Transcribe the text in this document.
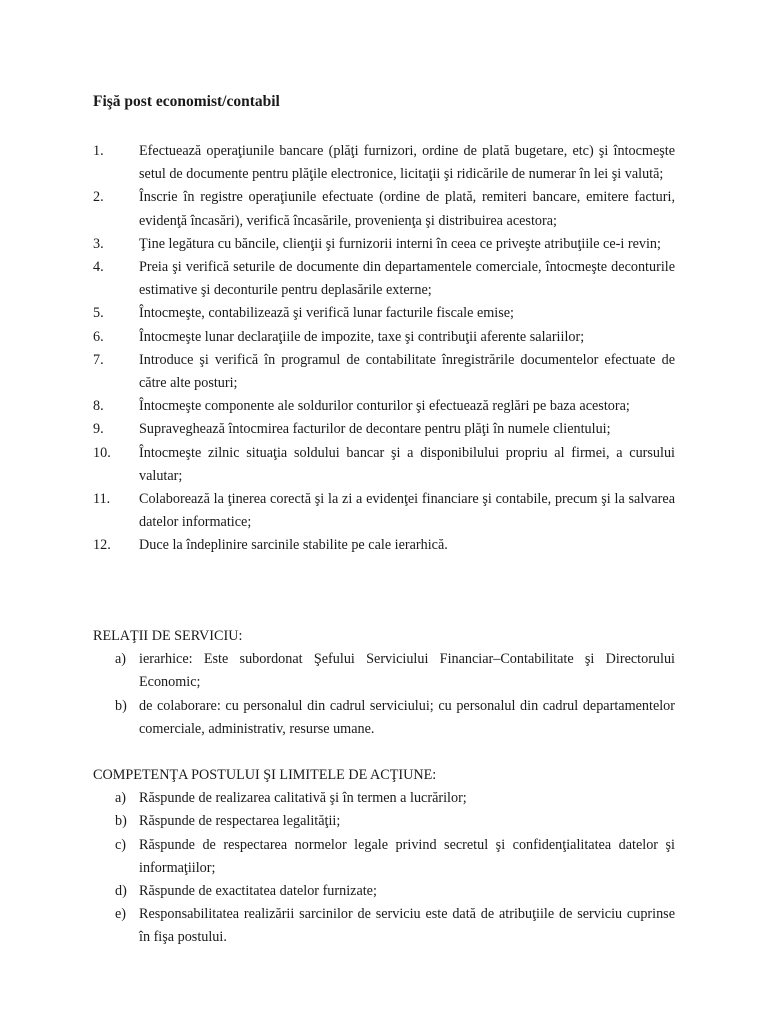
Fişă post economist/contabil
1.	Efectuează operaţiunile bancare (plăţi furnizori, ordine de plată bugetare, etc) şi întocmeşte setul de documente pentru plăţile electronice, licitaţii şi ridicările de numerar în lei şi valută;
2.	Înscrie în registre operaţiunile efectuate (ordine de plată, remiteri bancare, emitere facturi, evidenţă încasări), verifică încasările, provenienţa şi distribuirea acestora;
3.	Ţine legătura cu băncile, clienţii şi furnizorii interni în ceea ce priveşte atribuţiile ce-i revin;
4.	Preia şi verifică seturile de documente din departamentele comerciale, întocmeşte deconturile estimative şi deconturile pentru deplasările externe;
5.	Întocmeşte, contabilizează şi verifică lunar facturile fiscale emise;
6.	Întocmeşte lunar declaraţiile de impozite, taxe şi contribuţii aferente salariilor;
7.	Introduce şi verifică în programul de contabilitate înregistrările documentelor efectuate de către alte posturi;
8.	Întocmeşte componente ale soldurilor conturilor şi efectuează reglări pe baza acestora;
9.	Supraveghează întocmirea facturilor de decontare pentru plăţi în numele clientului;
10.	Întocmeşte zilnic situaţia soldului bancar şi a disponibilului propriu al firmei, a cursului valutar;
11.	Colaborează la ţinerea corectă şi la zi a evidenţei financiare şi contabile, precum şi la salvarea datelor informatice;
12.	Duce la îndeplinire sarcinile stabilite pe cale ierarhică.
RELAŢII DE SERVICIU:
a) ierarhice: Este subordonat Şefului Serviciului Financiar–Contabilitate şi Directorului Economic;
b) de colaborare: cu personalul din cadrul serviciului; cu personalul din cadrul departamentelor comerciale, administrativ, resurse umane.
COMPETENŢA POSTULUI ŞI LIMITELE DE ACŢIUNE:
a) Răspunde de realizarea calitativă şi în termen a lucrărilor;
b) Răspunde de respectarea legalităţii;
c) Răspunde de respectarea normelor legale privind secretul şi confidenţialitatea datelor şi informaţiilor;
d) Răspunde de exactitatea datelor furnizate;
e) Responsabilitatea realizării sarcinilor de serviciu este dată de atribuţiile de serviciu cuprinse în fişa postului.
